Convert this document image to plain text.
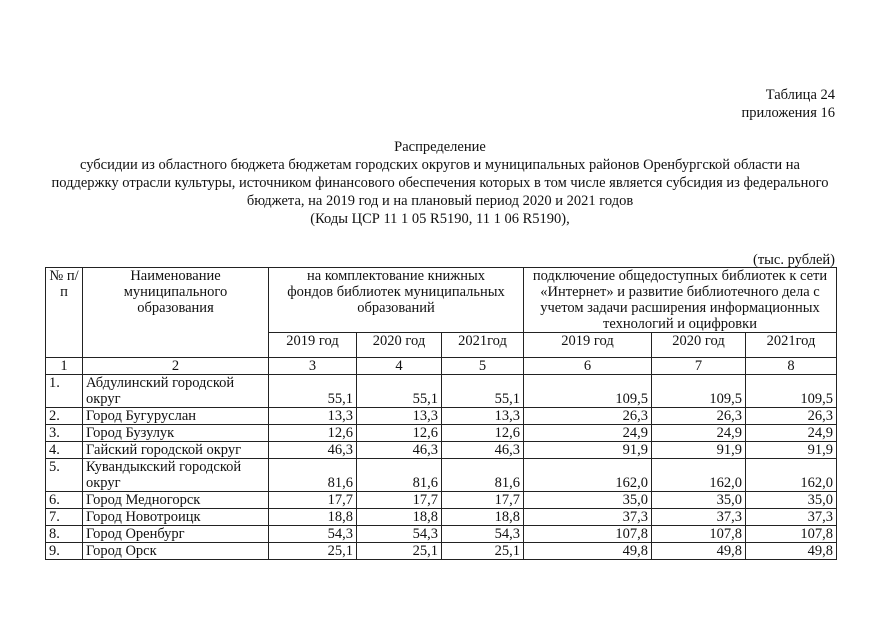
Таблица 24
приложения 16
Распределение
субсидии из областного бюджета бюджетам городских округов и муниципальных районов Оренбургской области на поддержку отрасли культуры, источником финансового обеспечения которых в том числе является субсидия из федерального бюджета, на 2019 год и на плановый период 2020 и 2021 годов
(Коды ЦСР 11 1 05 R5190, 11 1 06 R5190),
(тыс. рублей)
№ п/п	Наименование муниципального образования	на комплектование книжных фондов библиотек муниципальных образований			подключение общедоступных библиотек к сети «Интернет» и развитие библиотечного дела с учетом задачи расширения информационных технологий и оцифровки		
		2019 год	2020 год	2021год	2019 год	2020 год	2021год
1	2	3	4	5	6	7	8
1.	Абдулинский городской округ	55,1	55,1	55,1	109,5	109,5	109,5
2.	Город Бугуруслан	13,3	13,3	13,3	26,3	26,3	26,3
3.	Город Бузулук	12,6	12,6	12,6	24,9	24,9	24,9
4.	Гайский городской округ	46,3	46,3	46,3	91,9	91,9	91,9
5.	Кувандыкский городской округ	81,6	81,6	81,6	162,0	162,0	162,0
6.	Город Медногорск	17,7	17,7	17,7	35,0	35,0	35,0
7.	Город Новотроицк	18,8	18,8	18,8	37,3	37,3	37,3
8.	Город Оренбург	54,3	54,3	54,3	107,8	107,8	107,8
9.	Город Орск	25,1	25,1	25,1	49,8	49,8	49,8
